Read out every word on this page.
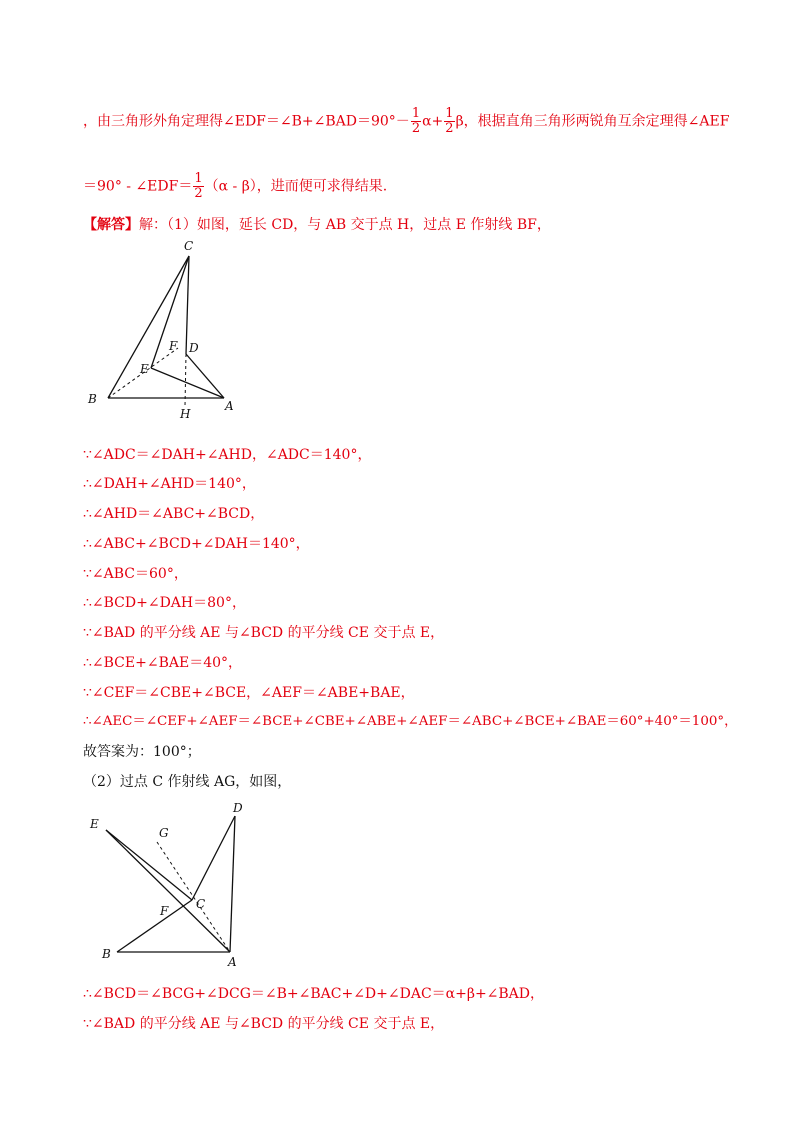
，由三角形外角定理得∠EDF＝∠B+∠BAD＝90°－ $\frac{1}{2} \alpha+ \frac{1}{2}$ β，根据直角三角形两锐角互余定理得∠AEF
＝90° - ∠EDF＝ $\frac{1}{2} (\alpha - \beta)$，进而便可求得结果.
【解答】解：（1）如图，延长 CD，与 AB 交于点 H，过点 E 作射线 BF，
C
F D
E
B
H
A
∵∠ADC＝∠DAH+∠AHD，∠ADC＝140°，
∴∠DAH+∠AHD＝140°，
∴∠AHD＝∠ABC+∠BCD，
∴∠ABC+∠BCD+∠DAH＝140°，
∵∠ABC＝60°，
∴∠BCD+∠DAH＝80°，
∵∠BAD 的平分线 AE 与∠BCD 的平分线 CE 交于点 E，
∴∠BCE+∠BAE＝40°，
∵∠CEF＝∠CBE+∠BCE，∠AEF＝∠ABE+BAE，
∴∠AEC＝∠CEF+∠AEF＝∠BCE+∠CBE+∠ABE+∠AEF＝∠ABC+∠BCE+∠BAE＝60°+40°＝100°，
故答案为：100°；
（2）过点 C 作射线 AG，如图，
D
E
G
C
F
B
A
∴∠BCD＝∠BCG+∠DCG＝∠B+∠BAC+∠D+∠DAC＝α+β+∠BAD，
∵∠BAD 的平分线 AE 与∠BCD 的平分线 CE 交于点 E，
